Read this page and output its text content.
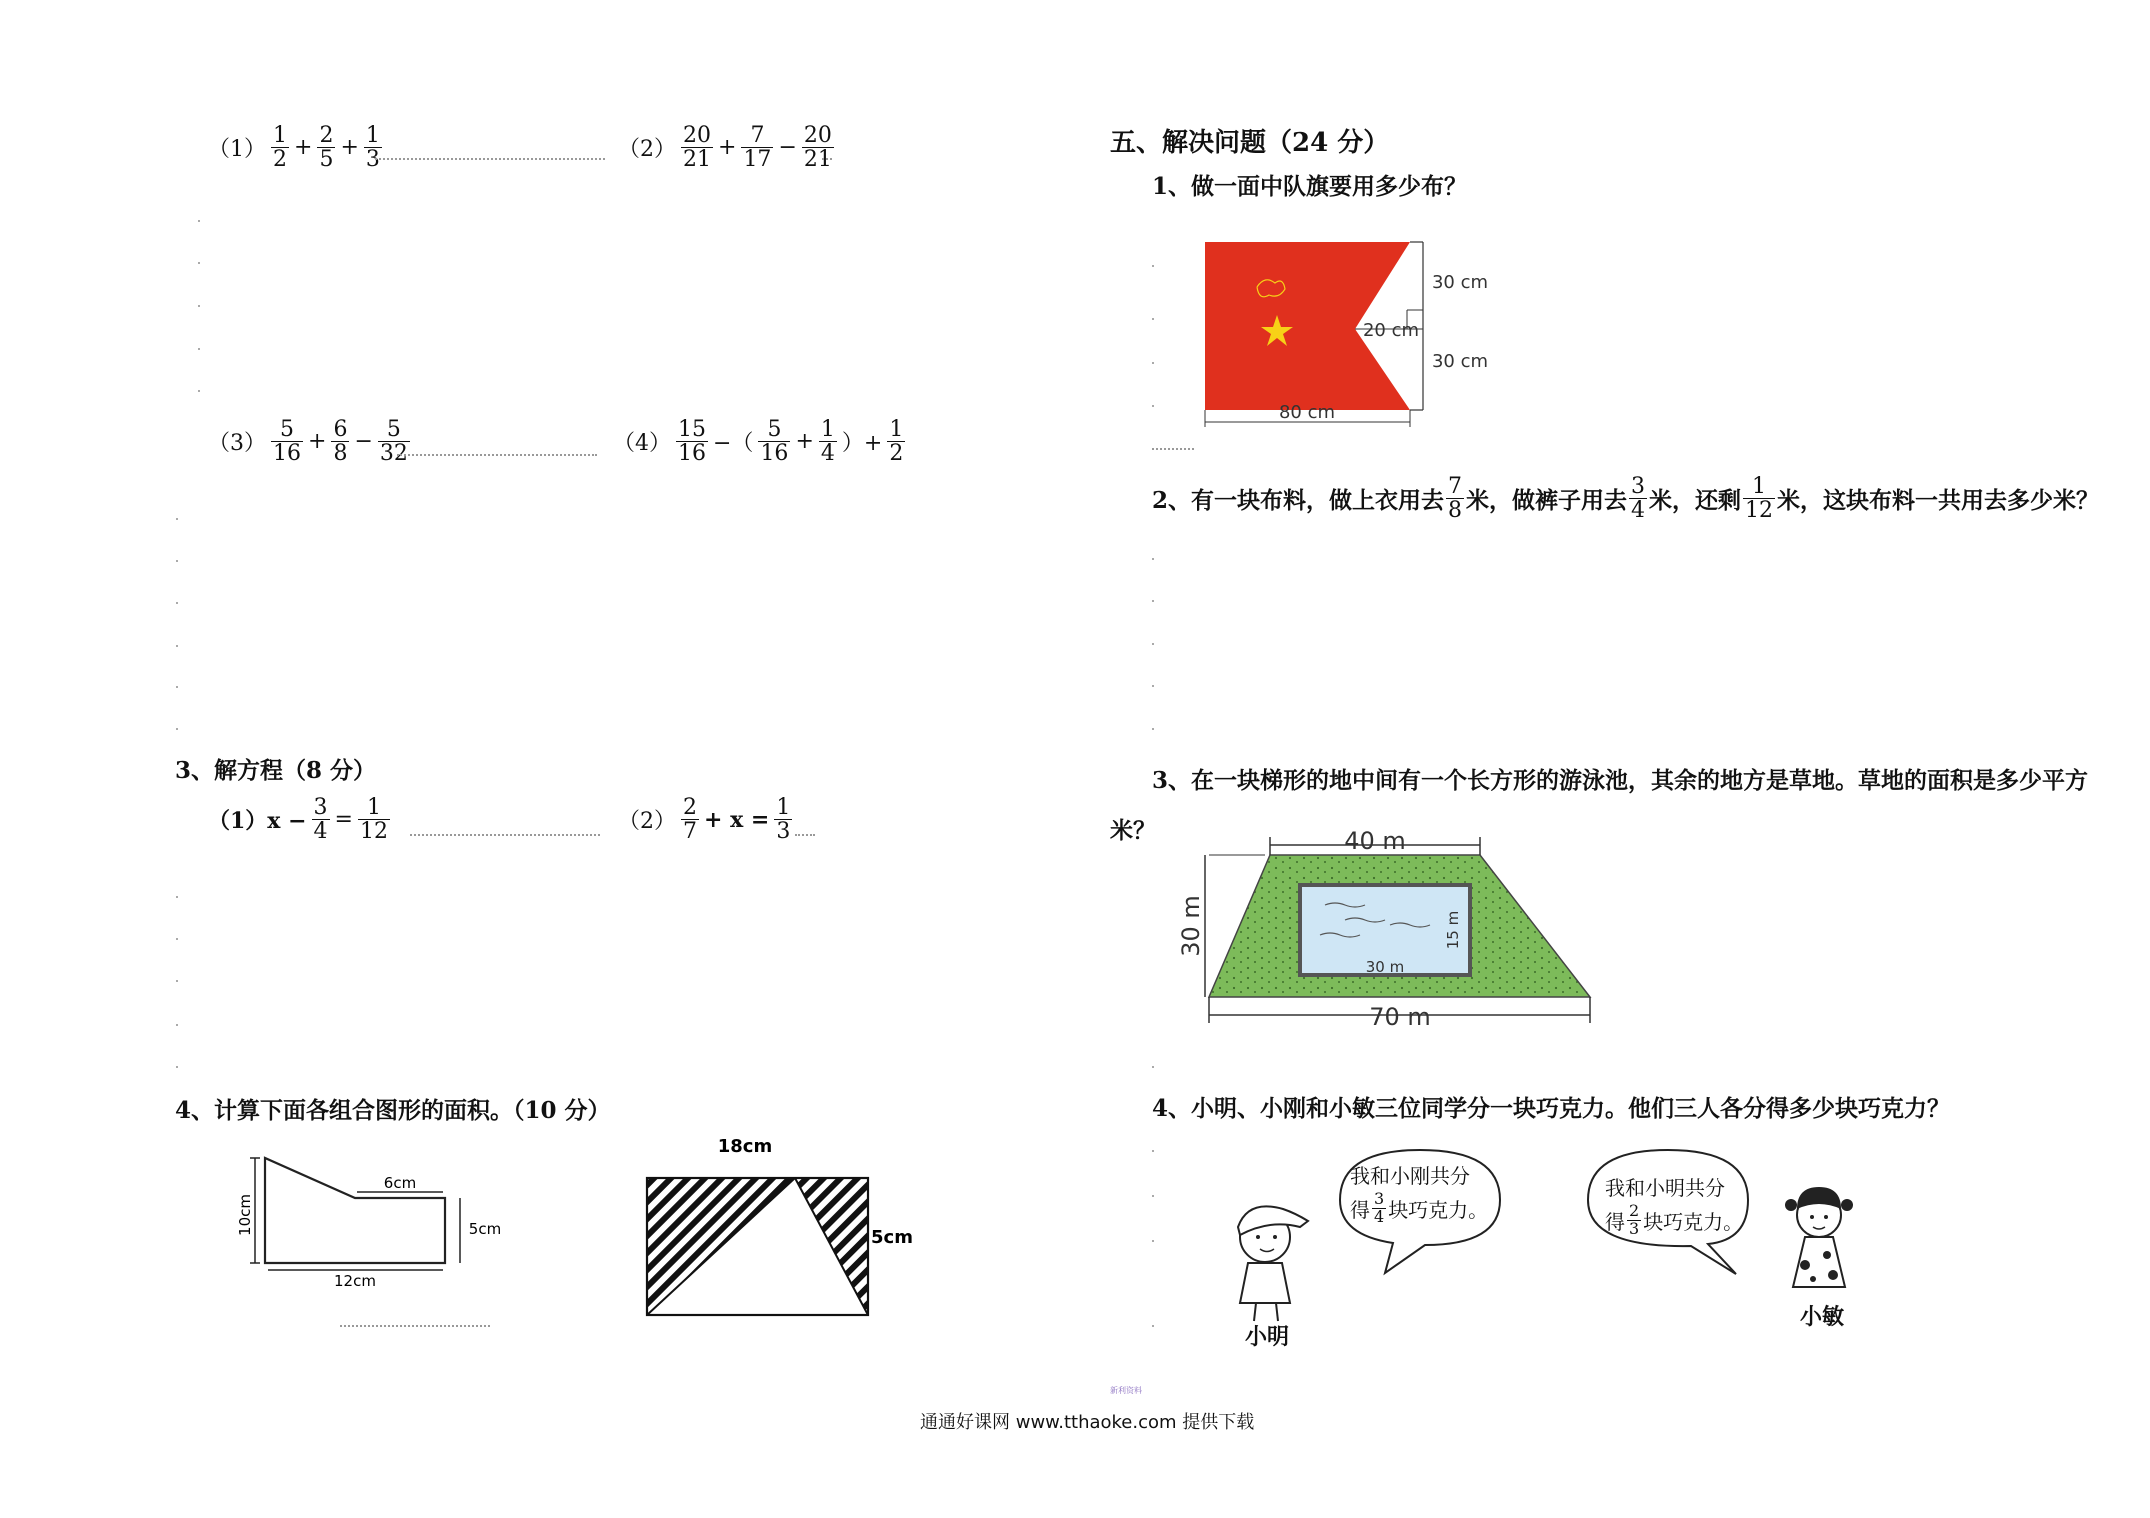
$(1) \frac{1}{2} + \frac{2}{5} + \frac{1}{3}$	$(2) \frac{20}{21} + \frac{7}{17} - \frac{20}{21}$
$(3) \frac{5}{16} + \frac{6}{8} - \frac{5}{32}$	$(4) \frac{15}{16}$ −（ $\frac{5}{16} + \frac{1}{4}$ ）+ $\frac{1}{2}$
3、解方程（8 分）
$(1)x - \frac{3}{4} = \frac{1}{12}$	$(2) \frac{2}{7} + x = \frac{1}{3}$
4、计算下面各组合图形的面积。（10 分）
10cm
6cm
5cm
12cm
18cm
5cm
五、解决问题（24 分）
1、做一面中队旗要用多少布？
30 cm
20 cm
30 cm
80 cm
2、有一块布料，做上衣用去 $\frac{7}{8}$ 米，做裤子用去 $\frac{3}{4}$ 米，还剩 $\frac{1}{12}$ 米，这块布料一共用去多少米？
3、在一块梯形的地中间有一个长方形的游泳池，其余的地方是草地。草地的面积是多少平方
米？	40 m
30 m
70 m
30 m
15 m
4、小明、小刚和小敏三位同学分一块巧克力。他们三人各分得多少块巧克力？
小明
我和小刚共分
得 $\frac{3}{4}$ 块巧克力。
我和小明共分
得 $\frac{2}{3}$ 块巧克力。
小敏
新利资料
通通好课网 www.tthaoke.com 提供下载
